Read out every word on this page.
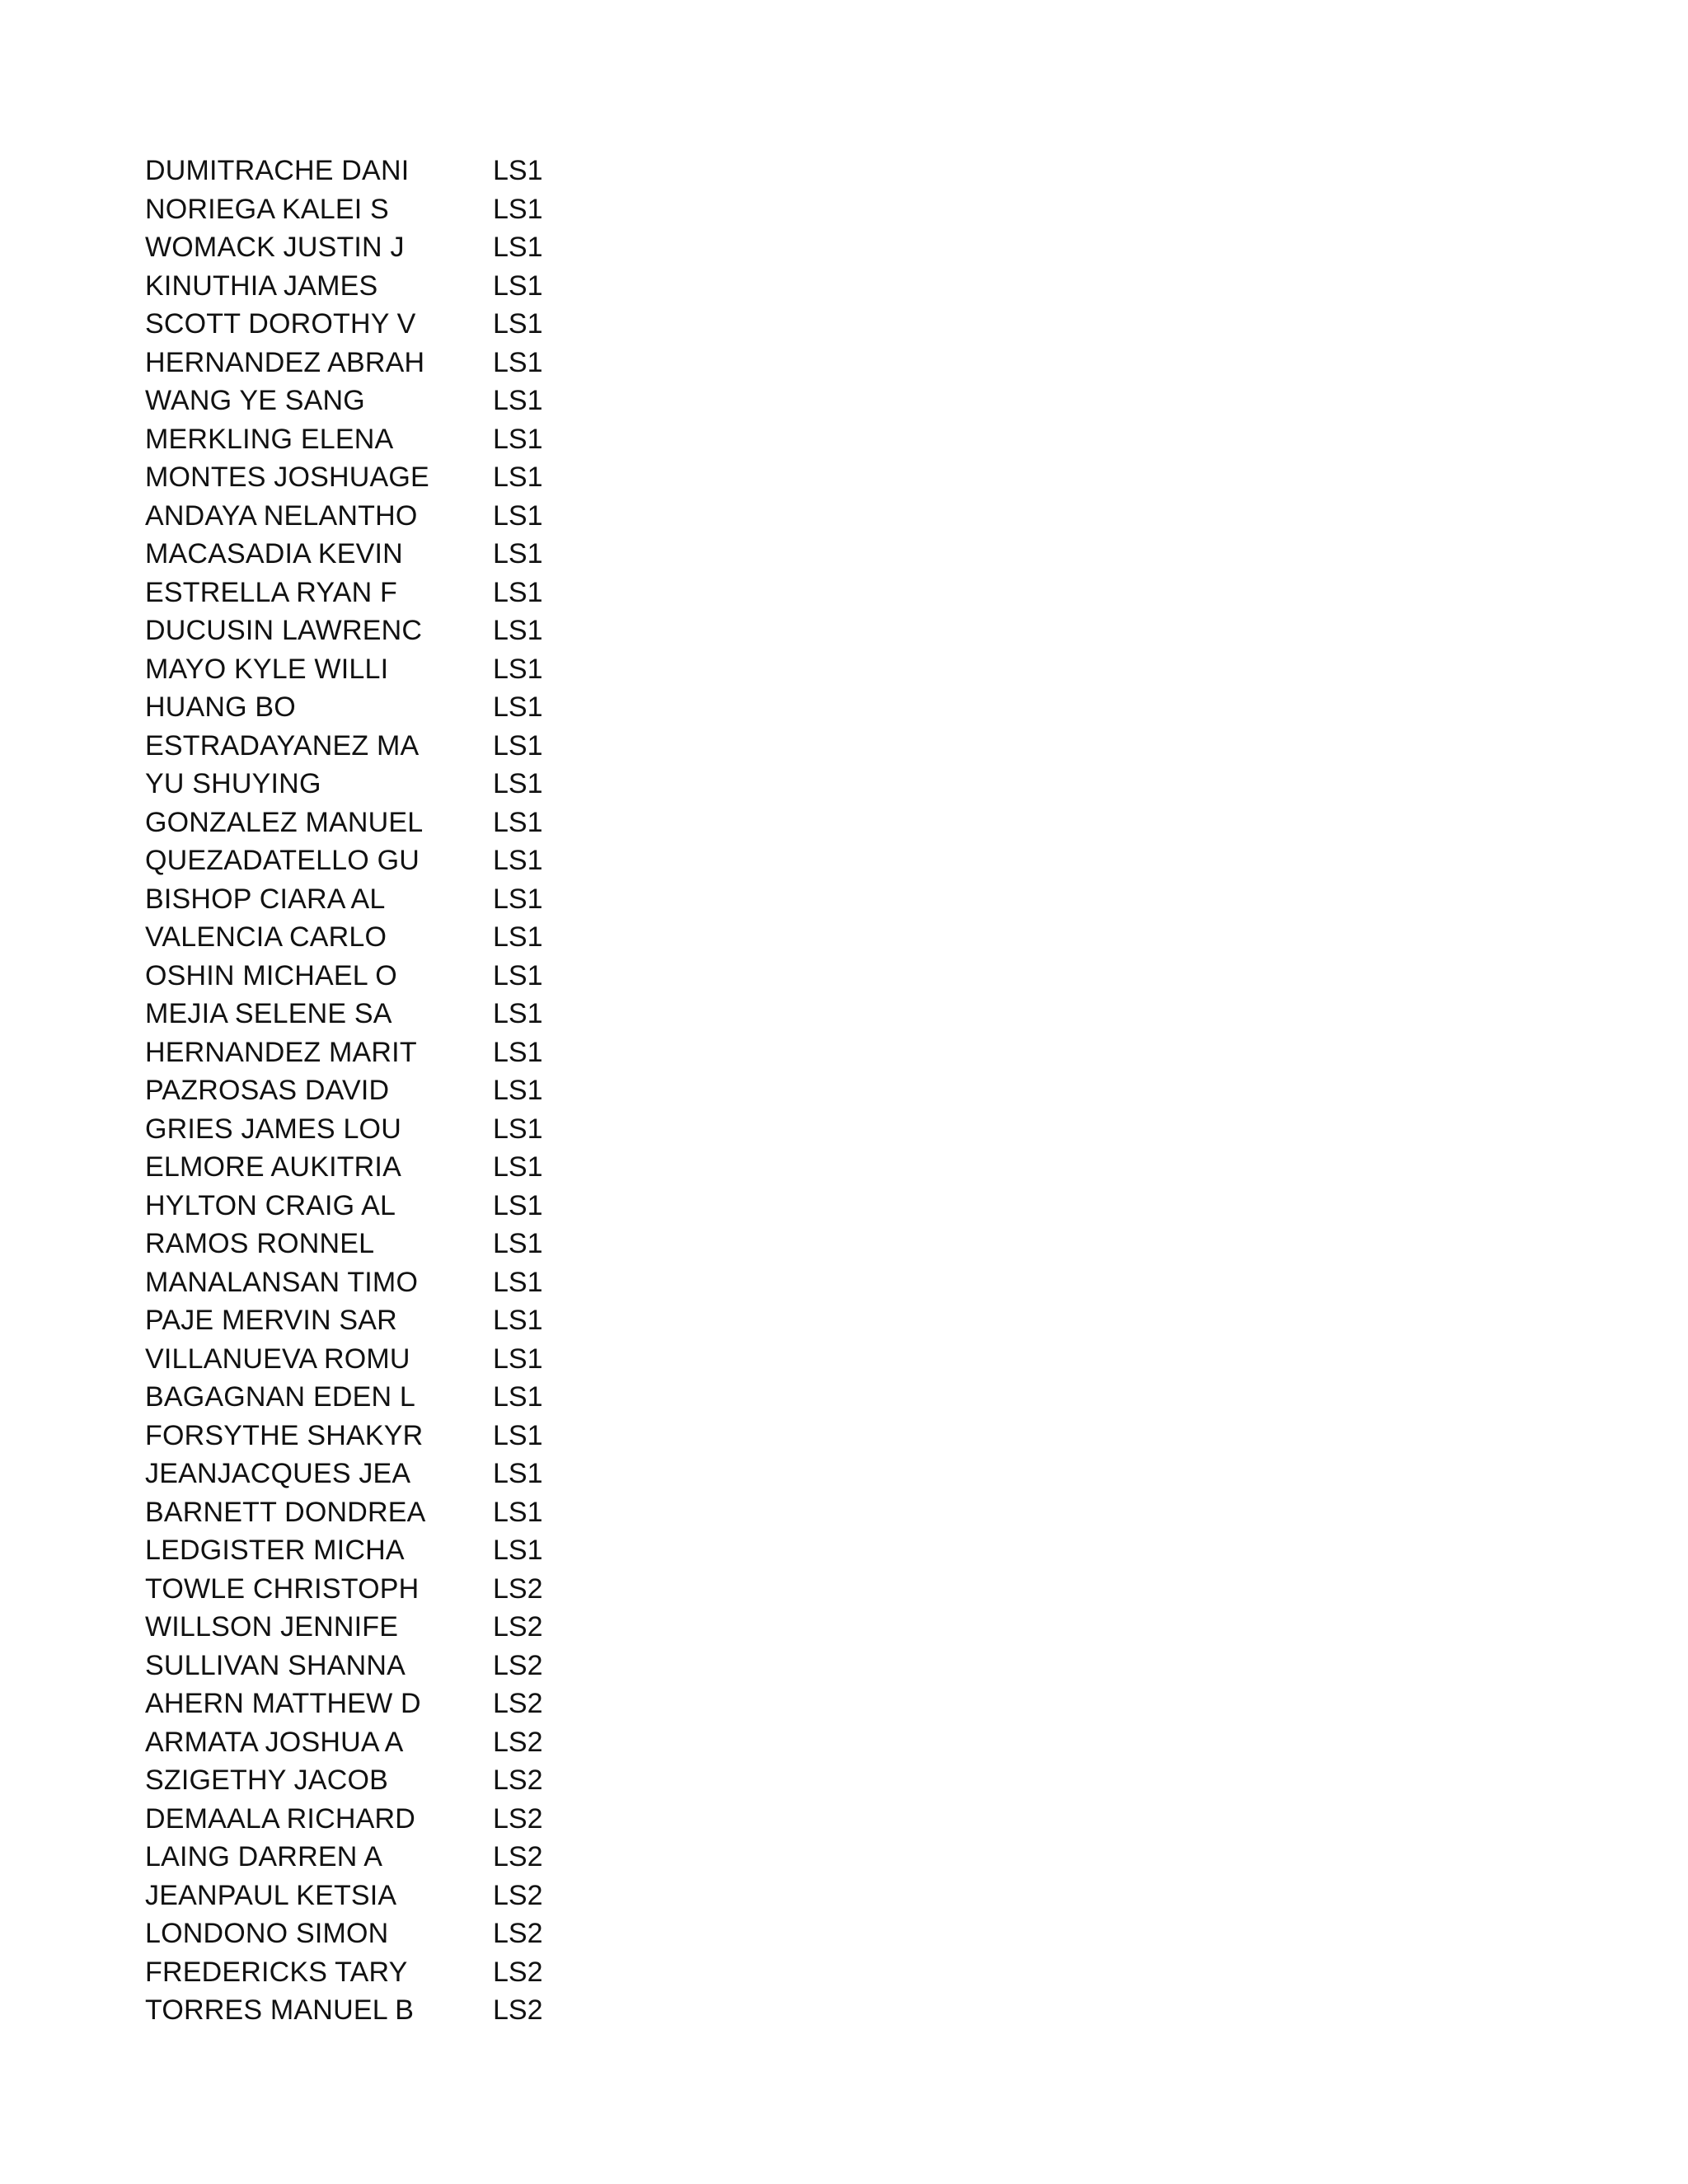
DUMITRACHE DANI	LS1
NORIEGA KALEI S	LS1
WOMACK JUSTIN J	LS1
KINUTHIA JAMES	LS1
SCOTT DOROTHY V	LS1
HERNANDEZ ABRAH	LS1
WANG YE SANG	LS1
MERKLING ELENA	LS1
MONTES JOSHUAGE	LS1
ANDAYA NELANTHO	LS1
MACASADIA KEVIN	LS1
ESTRELLA RYAN F	LS1
DUCUSIN LAWRENC	LS1
MAYO KYLE WILLI	LS1
HUANG BO	LS1
ESTRADAYANEZ MA	LS1
YU SHUYING	LS1
GONZALEZ MANUEL	LS1
QUEZADATELLO GU	LS1
BISHOP CIARA AL	LS1
VALENCIA CARLO	LS1
OSHIN MICHAEL O	LS1
MEJIA SELENE SA	LS1
HERNANDEZ MARIT	LS1
PAZROSAS DAVID	LS1
GRIES JAMES LOU	LS1
ELMORE AUKITRIA	LS1
HYLTON CRAIG AL	LS1
RAMOS RONNEL	LS1
MANALANSAN TIMO	LS1
PAJE MERVIN SAR	LS1
VILLANUEVA ROMU	LS1
BAGAGNAN EDEN L	LS1
FORSYTHE SHAKYR	LS1
JEANJACQUES JEA	LS1
BARNETT DONDREA	LS1
LEDGISTER MICHA	LS1
TOWLE CHRISTOPH	LS2
WILLSON JENNIFE	LS2
SULLIVAN SHANNA	LS2
AHERN MATTHEW D	LS2
ARMATA JOSHUA A	LS2
SZIGETHY JACOB	LS2
DEMAALA RICHARD	LS2
LAING DARREN A	LS2
JEANPAUL KETSIA	LS2
LONDONO SIMON	LS2
FREDERICKS TARY	LS2
TORRES MANUEL B	LS2
